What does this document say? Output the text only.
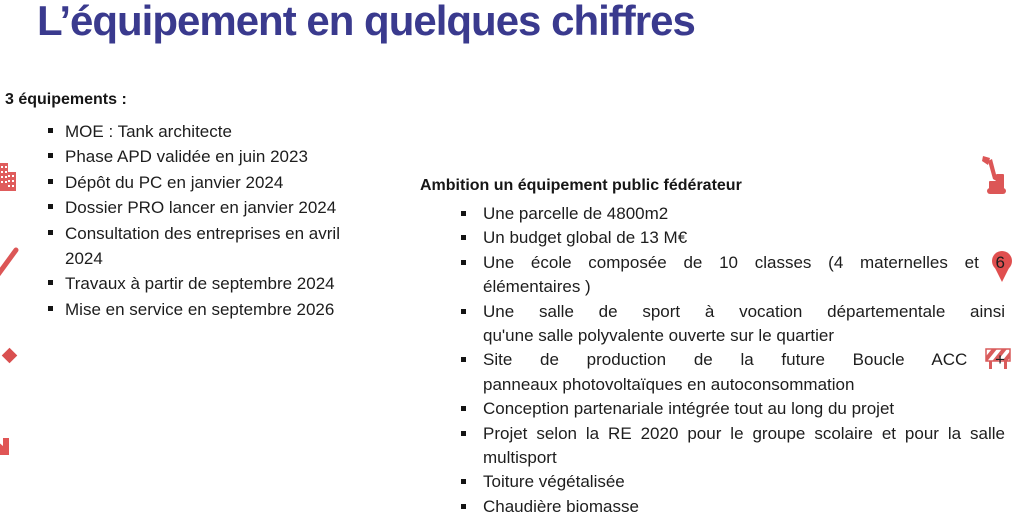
L’équipement en quelques chiffres
3 équipements :
MOE : Tank architecte
Phase APD validée en juin 2023
Dépôt du PC en janvier 2024
Dossier PRO lancer en janvier 2024
Consultation des entreprises en avril
2024
Travaux à partir de septembre 2024
Mise en service en septembre 2026
Ambition un équipement public fédérateur
Une parcelle de 4800m2
Un budget global de 13 M€
Une école composée de 10 classes (4 maternelles et 6
élémentaires )
Une salle de sport à vocation départementale ainsi
qu'une salle polyvalente ouverte sur le quartier
Site de production de la future Boucle ACC +
panneaux photovoltaïques en autoconsommation
Conception partenariale intégrée tout au long du projet
Projet selon la RE 2020 pour le groupe scolaire et pour la salle
multisport
Toiture végétalisée
Chaudière biomasse
